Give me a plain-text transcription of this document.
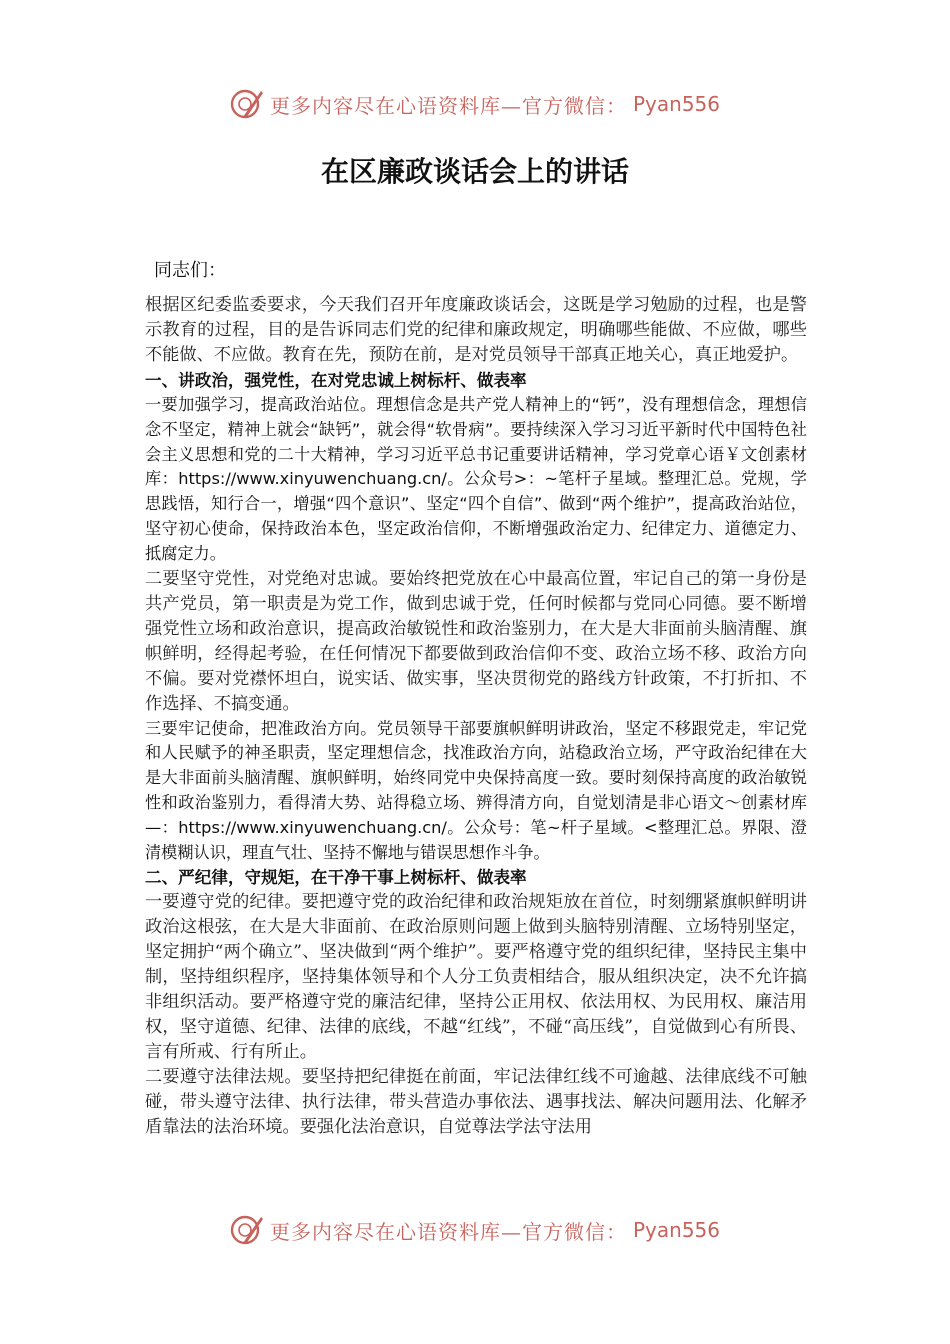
更多内容尽在心语资料库—官方微信： Pyan556
在区廉政谈话会上的讲话
同志们：

根据区纪委监委要求，今天我们召开年度廉政谈话会，这既是学习勉励的过程，也是警示教育的过程，目的是告诉同志们党的纪律和廉政规定，明确哪些能做、不应做，哪些不能做、不应做。教育在先，预防在前，是对党员领导干部真正地关心，真正地爱护。

一、讲政治，强党性，在对党忠诚上树标杆、做表率

一要加强学习，提高政治站位。理想信念是共产党人精神上的“钙”，没有理想信念，理想信念不坚定，精神上就会“缺钙”，就会得“软骨病”。要持续深入学习习近平新时代中国特色社会主义思想和党的二十大精神，学习习近平总书记重要讲话精神，学习党章心语￥文创素材库：https://www.xinyuwenchuang.cn/。公众号>：~笔杆子星域。整理汇总。党规，学思践悟，知行合一，增强“四个意识”、坚定“四个自信”、做到“两个维护”，提高政治站位，坚守初心使命，保持政治本色，坚定政治信仰，不断增强政治定力、纪律定力、道德定力、抵腐定力。

二要坚守党性，对党绝对忠诚。要始终把党放在心中最高位置，牢记自己的第一身份是共产党员，第一职责是为党工作，做到忠诚于党，任何时候都与党同心同德。要不断增强党性立场和政治意识，提高政治敏锐性和政治鉴别力，在大是大非面前头脑清醒、旗帜鲜明，经得起考验，在任何情况下都要做到政治信仰不变、政治立场不移、政治方向不偏。要对党襟怀坦白，说实话、做实事，坚决贯彻党的路线方针政策，不打折扣、不作选择、不搞变通。

三要牢记使命，把准政治方向。党员领导干部要旗帜鲜明讲政治，坚定不移跟党走，牢记党和人民赋予的神圣职责，坚定理想信念，找准政治方向，站稳政治立场，严守政治纪律在大是大非面前头脑清醒、旗帜鲜明，始终同党中央保持高度一致。要时刻保持高度的政治敏锐性和政治鉴别力，看得清大势、站得稳立场、辨得清方向，自觉划清是非心语文～创素材库—：https://www.xinyuwenchuang.cn/。公众号：笔~杆子星域。<整理汇总。界限、澄清模糊认识，理直气壮、坚持不懈地与错误思想作斗争。

二、严纪律，守规矩，在干净干事上树标杆、做表率

一要遵守党的纪律。要把遵守党的政治纪律和政治规矩放在首位，时刻绷紧旗帜鲜明讲政治这根弦，在大是大非面前、在政治原则问题上做到头脑特别清醒、立场特别坚定，坚定拥护“两个确立”、坚决做到“两个维护”。要严格遵守党的组织纪律，坚持民主集中制，坚持组织程序，坚持集体领导和个人分工负责相结合，服从组织决定，决不允许搞非组织活动。要严格遵守党的廉洁纪律，坚持公正用权、依法用权、为民用权、廉洁用权，坚守道德、纪律、法律的底线，不越“红线”，不碰“高压线”，自觉做到心有所畏、言有所戒、行有所止。

二要遵守法律法规。要坚持把纪律挺在前面，牢记法律红线不可逾越、法律底线不可触碰，带头遵守法律、执行法律，带头营造办事依法、遇事找法、解决问题用法、化解矛盾靠法的法治环境。要强化法治意识，自觉尊法学法守法用

更多内容尽在心语资料库—官方微信： Pyan556
